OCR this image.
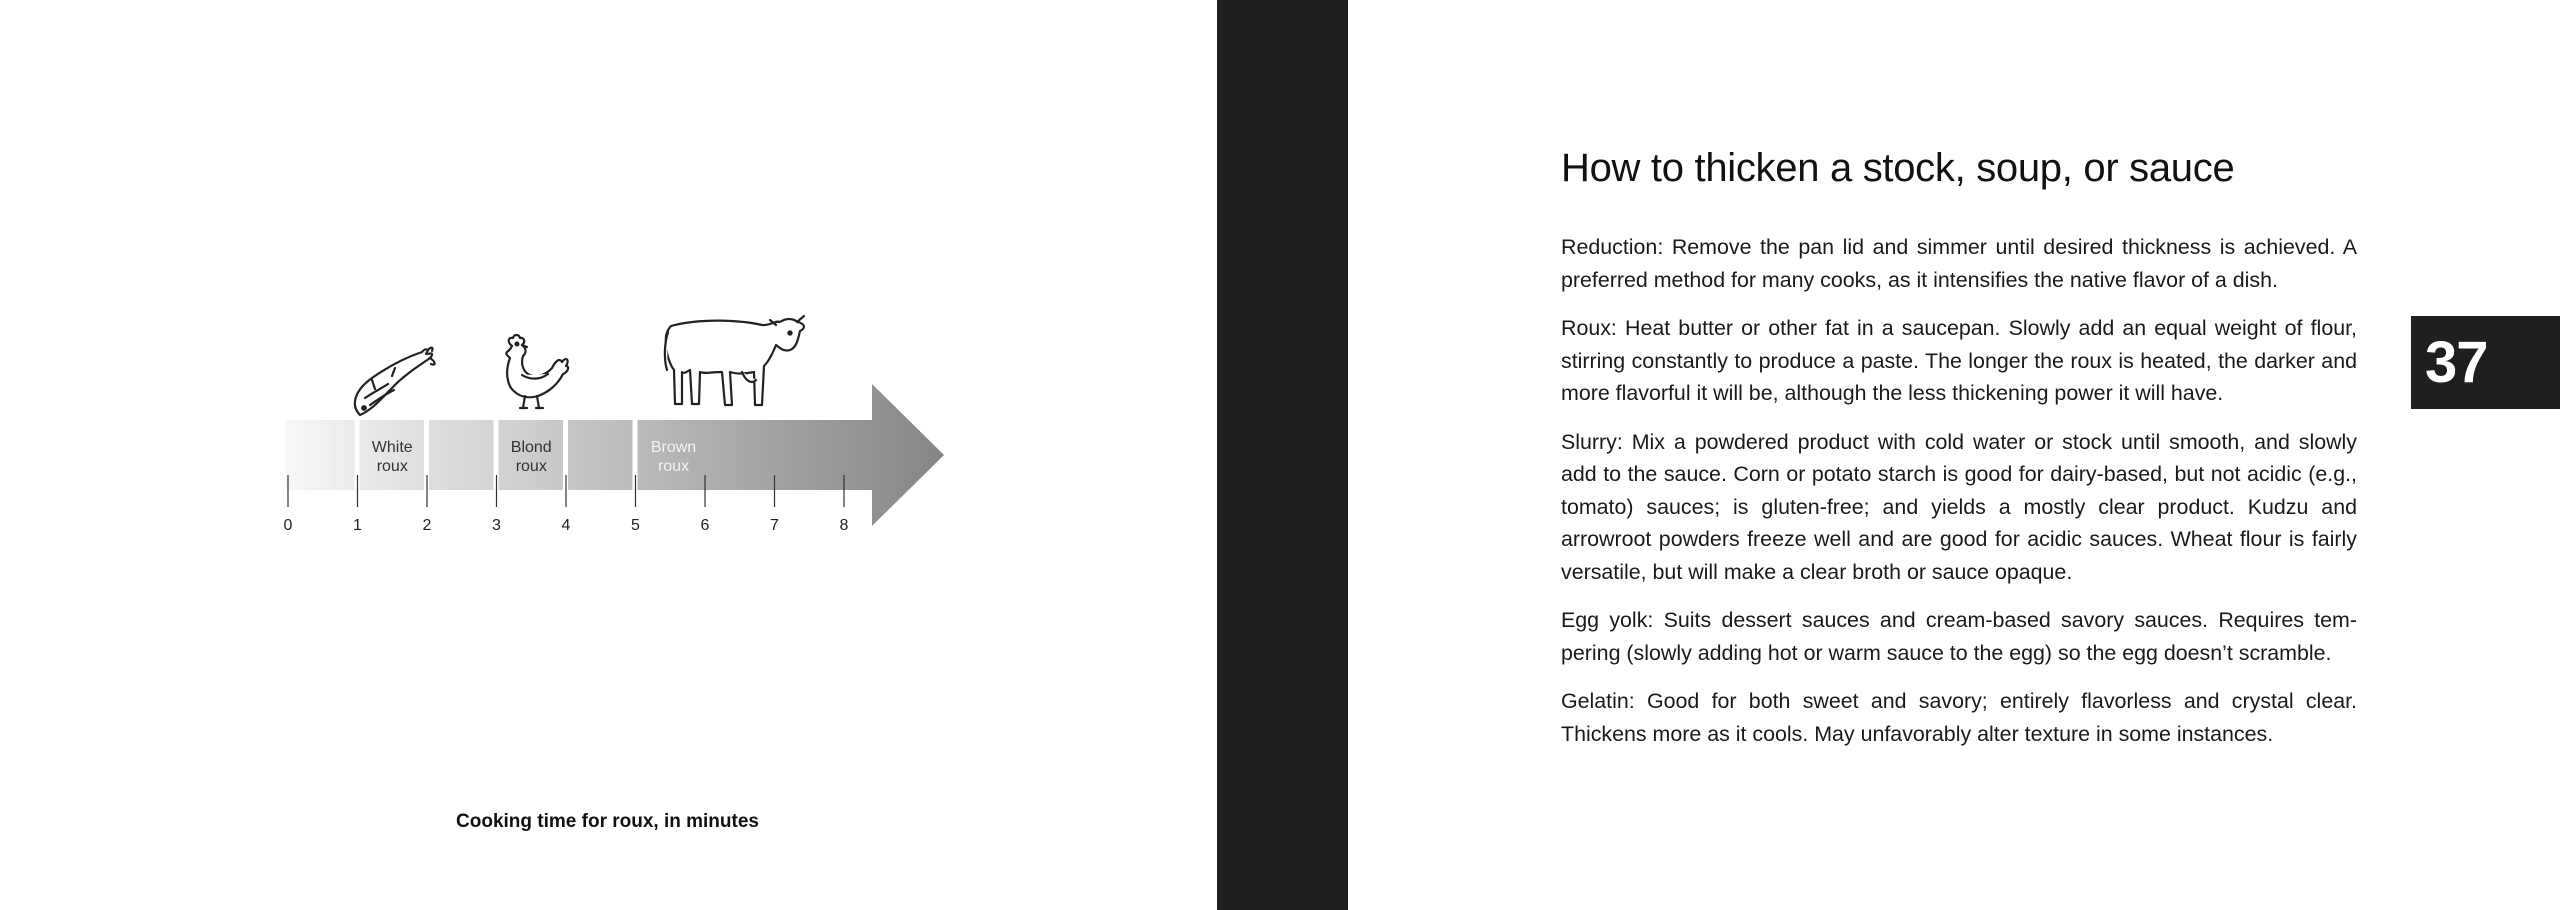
White
roux
Blond
roux
Brown
roux
0	1	2	3	4	5	6	7	8
Cooking time for roux, in minutes
How to thicken a stock, soup, or sauce

Reduction: Remove the pan lid and simmer until desired thickness is achieved. A preferred method for many cooks, as it intensifies the native flavor of a dish.

Roux: Heat butter or other fat in a saucepan. Slowly add an equal weight of flour, stirring constantly to produce a paste. The longer the roux is heated, the darker and more flavorful it will be, although the less thickening power it will have.

Slurry: Mix a powdered product with cold water or stock until smooth, and slowly add to the sauce. Corn or potato starch is good for dairy-based, but not acidic (e.g., tomato) sauces; is gluten-free; and yields a mostly clear product. Kudzu and arrowroot powders freeze well and are good for acidic sauces. Wheat flour is fairly versatile, but will make a clear broth or sauce opaque.

Egg yolk: Suits dessert sauces and cream-based savory sauces. Requires tempering (slowly adding hot or warm sauce to the egg) so the egg doesn’t scramble.

Gelatin: Good for both sweet and savory; entirely flavorless and crystal clear. Thickens more as it cools. May unfavorably alter texture in some instances.

37
